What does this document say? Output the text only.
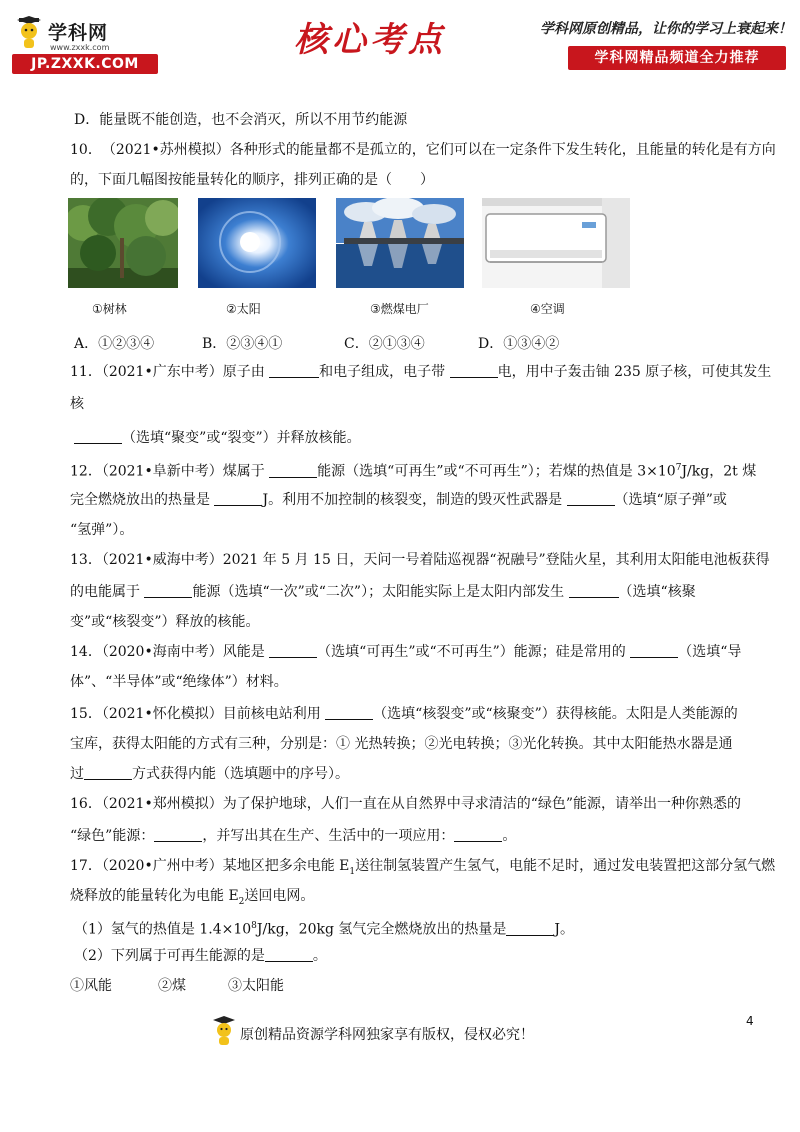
学科网
www.zxxk.com
JP.ZXXK.COM
核心考点	学科网原创精品，让你的学习上衰起来！
学科网精品频道全力推荐
D．能量既不能创造，也不会消灭，所以不用节约能源
10．（2021•苏州模拟）各种形式的能量都不是孤立的，它们可以在一定条件下发生转化，且能量的转化是有方向
的，下面几幅图按能量转化的顺序，排列正确的是（　　）
①树林	②太阳	③燃煤电厂	④空调
A．①②③④	B．②③④①	C．②①③④	D．①③④②
11．（2021•广东中考）原子由	和电子组成，电子带	电，用中子轰击铀 235 原子核，可使其发生
核
（选填“聚变”或“裂变”）并释放核能。
12．（2021•阜新中考）煤属于	能源（选填“可再生”或“不可再生”）；若煤的热值是 $3\times 10^7J/kg$，2t 煤
完全燃烧放出的热量是	J。利用不加控制的核裂变，制造的毁灭性武器是	（选填“原子弹”或
“氢弹”）。
13．（2021•威海中考）2021 年 5 月 15 日，天问一号着陆巡视器“祝融号”登陆火星，其利用太阳能电池板获得
的电能属于	能源（选填“一次”或“二次”）；太阳能实际上是太阳内部发生	（选填“核聚
变”或“核裂变”）释放的核能。
14．（2020•海南中考）风能是	（选填“可再生”或“不可再生”）能源；硅是常用的	（选填“导
体”、“半导体”或“绝缘体”）材料。
15．（2021•怀化模拟）目前核电站利用	（选填“核裂变”或“核聚变”）获得核能。太阳是人类能源的
宝库，获得太阳能的方式有三种，分别是：① 光热转换；②光电转换；③光化转换。其中太阳能热水器是通
过	方式获得内能（选填题中的序号）。
16．（2021•郑州模拟）为了保护地球，人们一直在从自然界中寻求清洁的“绿色”能源，请举出一种你熟悉的
“绿色”能源：	，并写出其在生产、生活中的一项应用：	。
17．（2020•广州中考）某地区把多余电能 $E_1$送往制氢装置产生氢气，电能不足时，通过发电装置把这部分氢气燃
烧释放的能量转化为电能 $E_2$送回电网。
（1）氢气的热值是 $1.4\times 10^8J/kg$，20kg 氢气完全燃烧放出的热量是	J。
（2）下列属于可再生能源的是	。
①风能	②煤	③太阳能
原创精品资源学科网独家享有版权，侵权必究！
4
